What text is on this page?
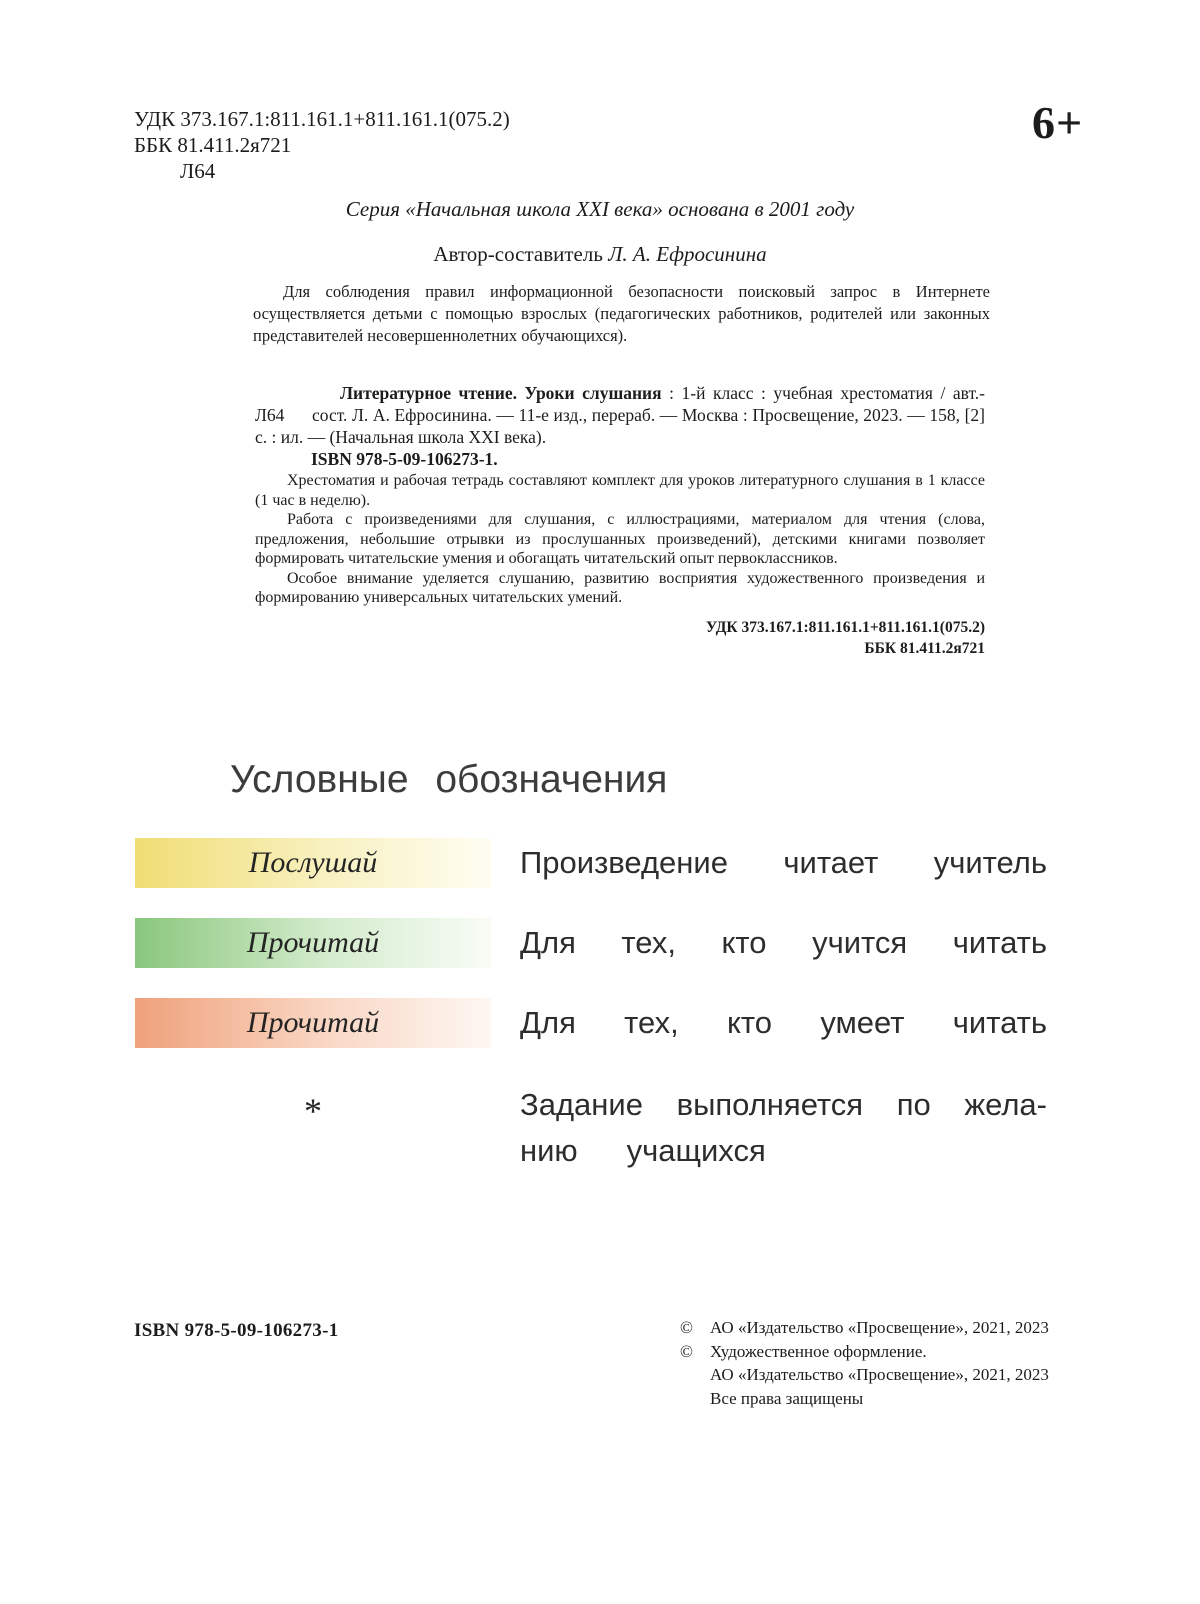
УДК 373.167.1:811.161.1+811.161.1(075.2)
ББК 81.411.2я721
Л64
6+
Серия «Начальная школа XXI века» основана в 2001 году
Автор-составитель Л. А. Ефросинина
Для соблюдения правил информационной безопасности поисковый запрос в Интернете осуществляется детьми с помощью взрослых (педагогических работников, родителей или законных представителей несовершеннолетних обучающихся).

Л64
Литературное чтение. Уроки слушания : 1-й класс : учебная хрестоматия / авт.-сост. Л. А. Ефросинина. — 11-е изд., перераб. — Москва : Просвещение, 2023. — 158, [2] с. : ил. — (Начальная школа XXI века).

ISBN 978-5-09-106273-1.

Хрестоматия и рабочая тетрадь составляют комплект для уроков литературного слушания в 1 классе (1 час в неделю).

Работа с произведениями для слушания, с иллюстрациями, материалом для чтения (слова, предложения, небольшие отрывки из прослушанных произведений), детскими книгами позволяет формировать читательские умения и обогащать читательский опыт первоклассников.

Особое внимание уделяется слушанию, развитию восприятия художественного произведения и формированию универсальных читательских умений.

УДК 373.167.1:811.161.1+811.161.1(075.2)
ББК 81.411.2я721
Условные обозначения
Послушай	Произведение читает учитель
Прочитай	Для тех, кто учится читать
Прочитай	Для тех, кто умеет читать
*	Задание выполняется по жела-
нию учащихся
ISBN 978-5-09-106273-1	©	АО «Издательство «Просвещение», 2021, 2023
©	Художественное оформление.
АО «Издательство «Просвещение», 2021, 2023
Все права защищены
